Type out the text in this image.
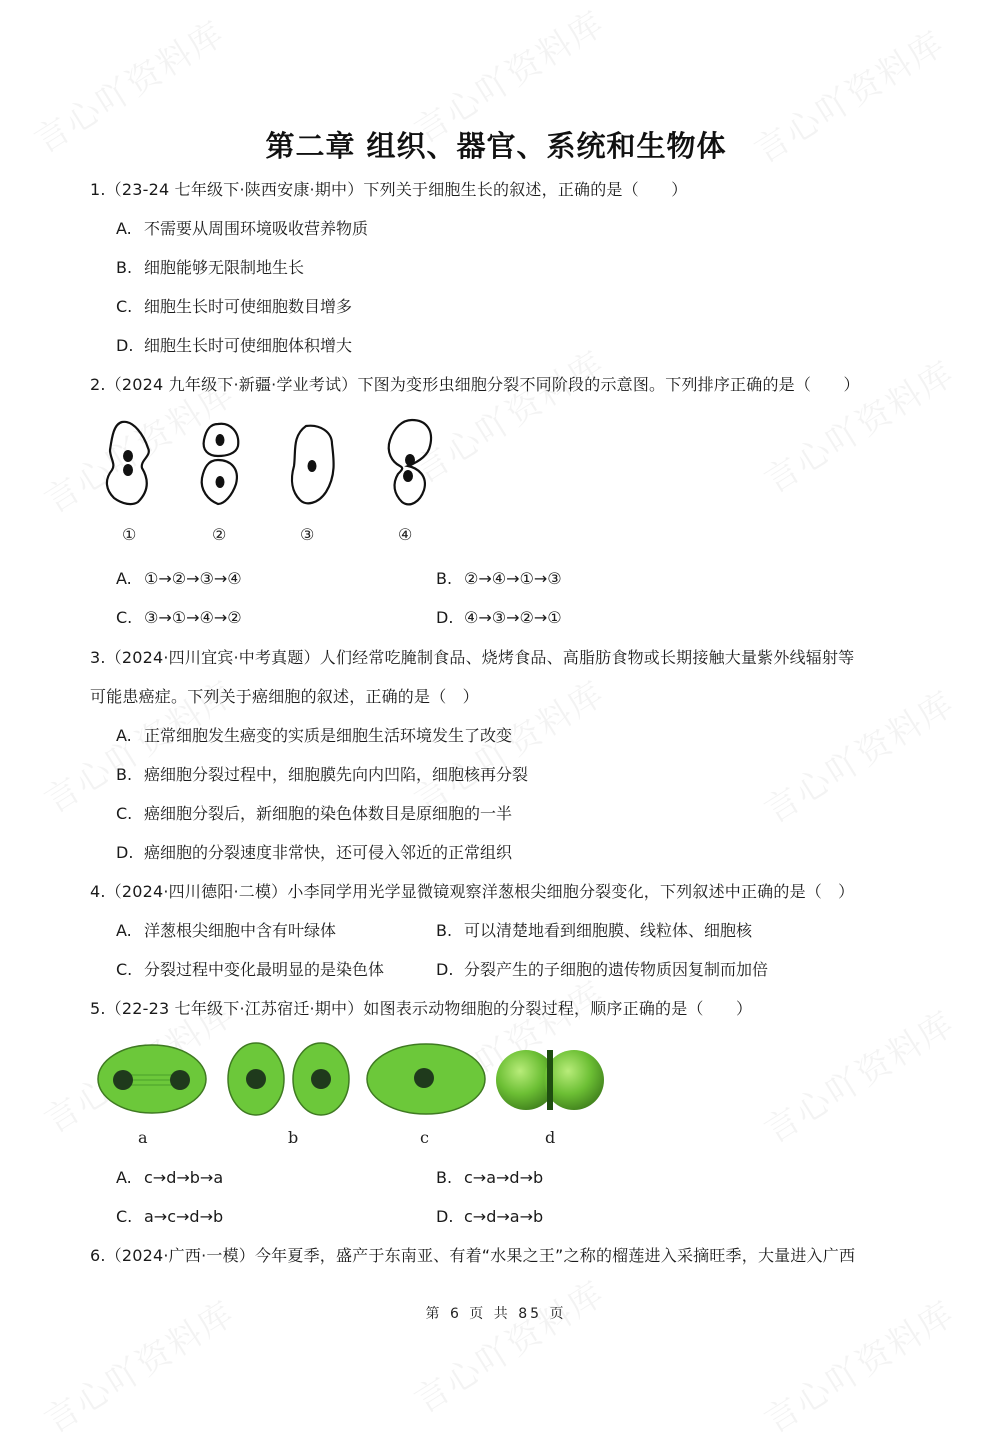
第二章 组织、器官、系统和生物体
1.（23-24 七年级下·陕西安康·期中）下列关于细胞生长的叙述，正确的是（　　）
A. 不需要从周围环境吸收营养物质
B. 细胞能够无限制地生长
C. 细胞生长时可使细胞数目增多
D. 细胞生长时可使细胞体积增大
2.（2024 九年级下·新疆·学业考试）下图为变形虫细胞分裂不同阶段的示意图。下列排序正确的是（　　）
①	②	③	④
A. ①→②→③→④	B. ②→④→①→③
C. ③→①→④→②	D. ④→③→②→①
3.（2024·四川宜宾·中考真题）人们经常吃腌制食品、烧烤食品、高脂肪食物或长期接触大量紫外线辐射等
可能患癌症。下列关于癌细胞的叙述，正确的是（　）
A. 正常细胞发生癌变的实质是细胞生活环境发生了改变
B. 癌细胞分裂过程中，细胞膜先向内凹陷，细胞核再分裂
C. 癌细胞分裂后，新细胞的染色体数目是原细胞的一半
D. 癌细胞的分裂速度非常快，还可侵入邻近的正常组织
4.（2024·四川德阳·二模）小李同学用光学显微镜观察洋葱根尖细胞分裂变化，下列叙述中正确的是（　）
A. 洋葱根尖细胞中含有叶绿体	B. 可以清楚地看到细胞膜、线粒体、细胞核
C. 分裂过程中变化最明显的是染色体	D. 分裂产生的子细胞的遗传物质因复制而加倍
5.（22-23 七年级下·江苏宿迁·期中）如图表示动物细胞的分裂过程，顺序正确的是（　　）
a	b	c	d
A. c→d→b→a	B. c→a→d→b
C. a→c→d→b	D. c→d→a→b
6.（2024·广西·一模）今年夏季，盛产于东南亚、有着“水果之王”之称的榴莲进入采摘旺季，大量进入广西
第 6 页 共 85 页
